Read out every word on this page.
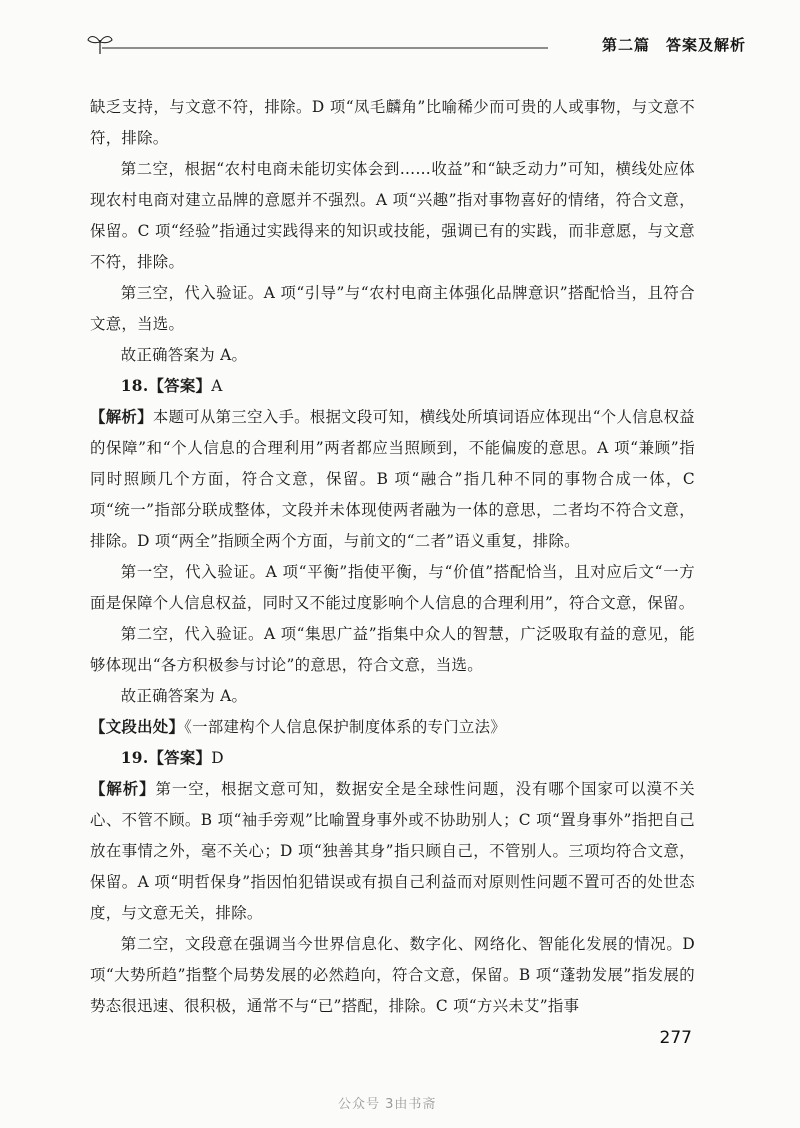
第二篇　答案及解析

缺乏支持，与文意不符，排除。D 项“凤毛麟角”比喻稀少而可贵的人或事物，与文意不符，排除。

第二空，根据“农村电商未能切实体会到……收益”和“缺乏动力”可知，横线处应体现农村电商对建立品牌的意愿并不强烈。A 项“兴趣”指对事物喜好的情绪，符合文意，保留。C 项“经验”指通过实践得来的知识或技能，强调已有的实践，而非意愿，与文意不符，排除。

第三空，代入验证。A 项“引导”与“农村电商主体强化品牌意识”搭配恰当，且符合文意，当选。

故正确答案为 A。

18.【答案】A

【解析】本题可从第三空入手。根据文段可知，横线处所填词语应体现出“个人信息权益的保障”和“个人信息的合理利用”两者都应当照顾到，不能偏废的意思。A 项“兼顾”指同时照顾几个方面，符合文意，保留。B 项“融合”指几种不同的事物合成一体，C 项“统一”指部分联成整体，文段并未体现使两者融为一体的意思，二者均不符合文意，排除。D 项“两全”指顾全两个方面，与前文的“二者”语义重复，排除。

第一空，代入验证。A 项“平衡”指使平衡，与“价值”搭配恰当，且对应后文“一方面是保障个人信息权益，同时又不能过度影响个人信息的合理利用”，符合文意，保留。

第二空，代入验证。A 项“集思广益”指集中众人的智慧，广泛吸取有益的意见，能够体现出“各方积极参与讨论”的意思，符合文意，当选。

故正确答案为 A。

【文段出处】《一部建构个人信息保护制度体系的专门立法》

19.【答案】D

【解析】第一空，根据文意可知，数据安全是全球性问题，没有哪个国家可以漠不关心、不管不顾。B 项“袖手旁观”比喻置身事外或不协助别人；C 项“置身事外”指把自己放在事情之外，毫不关心；D 项“独善其身”指只顾自己，不管别人。三项均符合文意，保留。A 项“明哲保身”指因怕犯错误或有损自己利益而对原则性问题不置可否的处世态度，与文意无关，排除。

第二空，文段意在强调当今世界信息化、数字化、网络化、智能化发展的情况。D 项“大势所趋”指整个局势发展的必然趋向，符合文意，保留。B 项“蓬勃发展”指发展的势态很迅速、很积极，通常不与“已”搭配，排除。C 项“方兴未艾”指事

277
公众号 3由书斋
